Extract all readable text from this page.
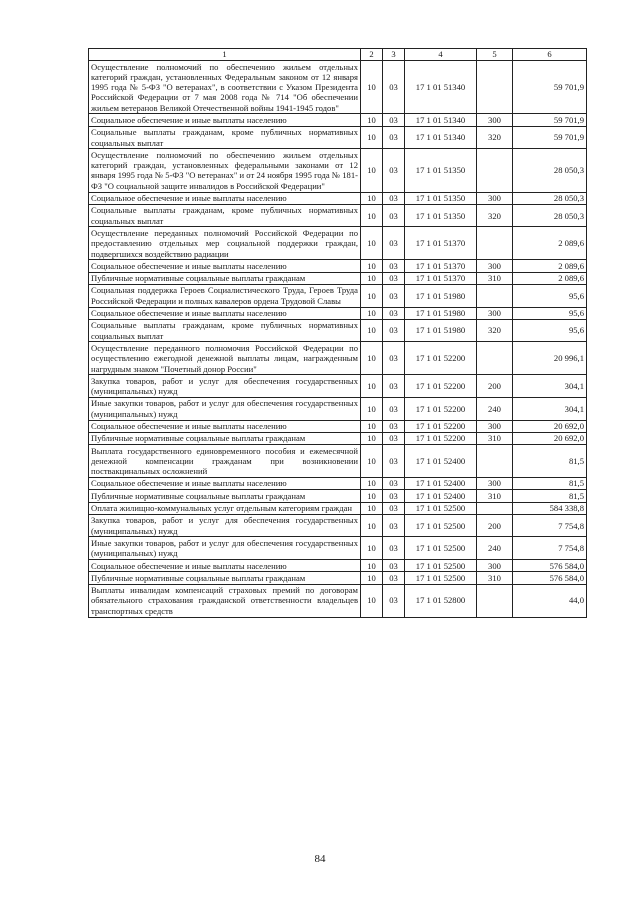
1	2	3	4	5	6
Осуществление полномочий по обеспечению жильем отдельных категорий граждан, установленных Федеральным законом от 12 января 1995 года № 5-ФЗ "О ветеранах", в соответствии с Указом Президента Российской Федерации от 7 мая 2008 года № 714 "Об обеспечении жильем ветеранов Великой Отечественной войны 1941-1945 годов"	10	03	17 1 01 51340		59 701,9
Социальное обеспечение и иные выплаты населению	10	03	17 1 01 51340	300	59 701,9
Социальные выплаты гражданам, кроме публичных нормативных социальных выплат	10	03	17 1 01 51340	320	59 701,9
Осуществление полномочий по обеспечению жильем отдельных категорий граждан, установленных федеральными законами от 12 января 1995 года № 5-ФЗ "О ветеранах" и от 24 ноября 1995 года № 181-ФЗ "О социальной защите инвалидов в Российской Федерации"	10	03	17 1 01 51350		28 050,3
Социальное обеспечение и иные выплаты населению	10	03	17 1 01 51350	300	28 050,3
Социальные выплаты гражданам, кроме публичных нормативных социальных выплат	10	03	17 1 01 51350	320	28 050,3
Осуществление переданных полномочий Российской Федерации по предоставлению отдельных мер социальной поддержки граждан, подвергшихся воздействию радиации	10	03	17 1 01 51370		2 089,6
Социальное обеспечение и иные выплаты населению	10	03	17 1 01 51370	300	2 089,6
Публичные нормативные социальные выплаты гражданам	10	03	17 1 01 51370	310	2 089,6
Социальная поддержка Героев Социалистического Труда, Героев Труда Российской Федерации и полных кавалеров ордена Трудовой Славы	10	03	17 1 01 51980		95,6
Социальное обеспечение и иные выплаты населению	10	03	17 1 01 51980	300	95,6
Социальные выплаты гражданам, кроме публичных нормативных социальных выплат	10	03	17 1 01 51980	320	95,6
Осуществление переданного полномочия Российской Федерации по осуществлению ежегодной денежной выплаты лицам, награжденным нагрудным знаком "Почетный донор России"	10	03	17 1 01 52200		20 996,1
Закупка товаров, работ и услуг для обеспечения государственных (муниципальных) нужд	10	03	17 1 01 52200	200	304,1
Иные закупки товаров, работ и услуг для обеспечения государственных (муниципальных) нужд	10	03	17 1 01 52200	240	304,1
Социальное обеспечение и иные выплаты населению	10	03	17 1 01 52200	300	20 692,0
Публичные нормативные социальные выплаты гражданам	10	03	17 1 01 52200	310	20 692,0
Выплата государственного единовременного пособия и ежемесячной денежной компенсации гражданам при возникновении поствакцинальных осложнений	10	03	17 1 01 52400		81,5
Социальное обеспечение и иные выплаты населению	10	03	17 1 01 52400	300	81,5
Публичные нормативные социальные выплаты гражданам	10	03	17 1 01 52400	310	81,5
Оплата жилищно-коммунальных услуг отдельным категориям граждан	10	03	17 1 01 52500		584 338,8
Закупка товаров, работ и услуг для обеспечения государственных (муниципальных) нужд	10	03	17 1 01 52500	200	7 754,8
Иные закупки товаров, работ и услуг для обеспечения государственных (муниципальных) нужд	10	03	17 1 01 52500	240	7 754,8
Социальное обеспечение и иные выплаты населению	10	03	17 1 01 52500	300	576 584,0
Публичные нормативные социальные выплаты гражданам	10	03	17 1 01 52500	310	576 584,0
Выплаты инвалидам компенсаций страховых премий по договорам обязательного страхования гражданской ответственности владельцев транспортных средств	10	03	17 1 01 52800		44,0
84
